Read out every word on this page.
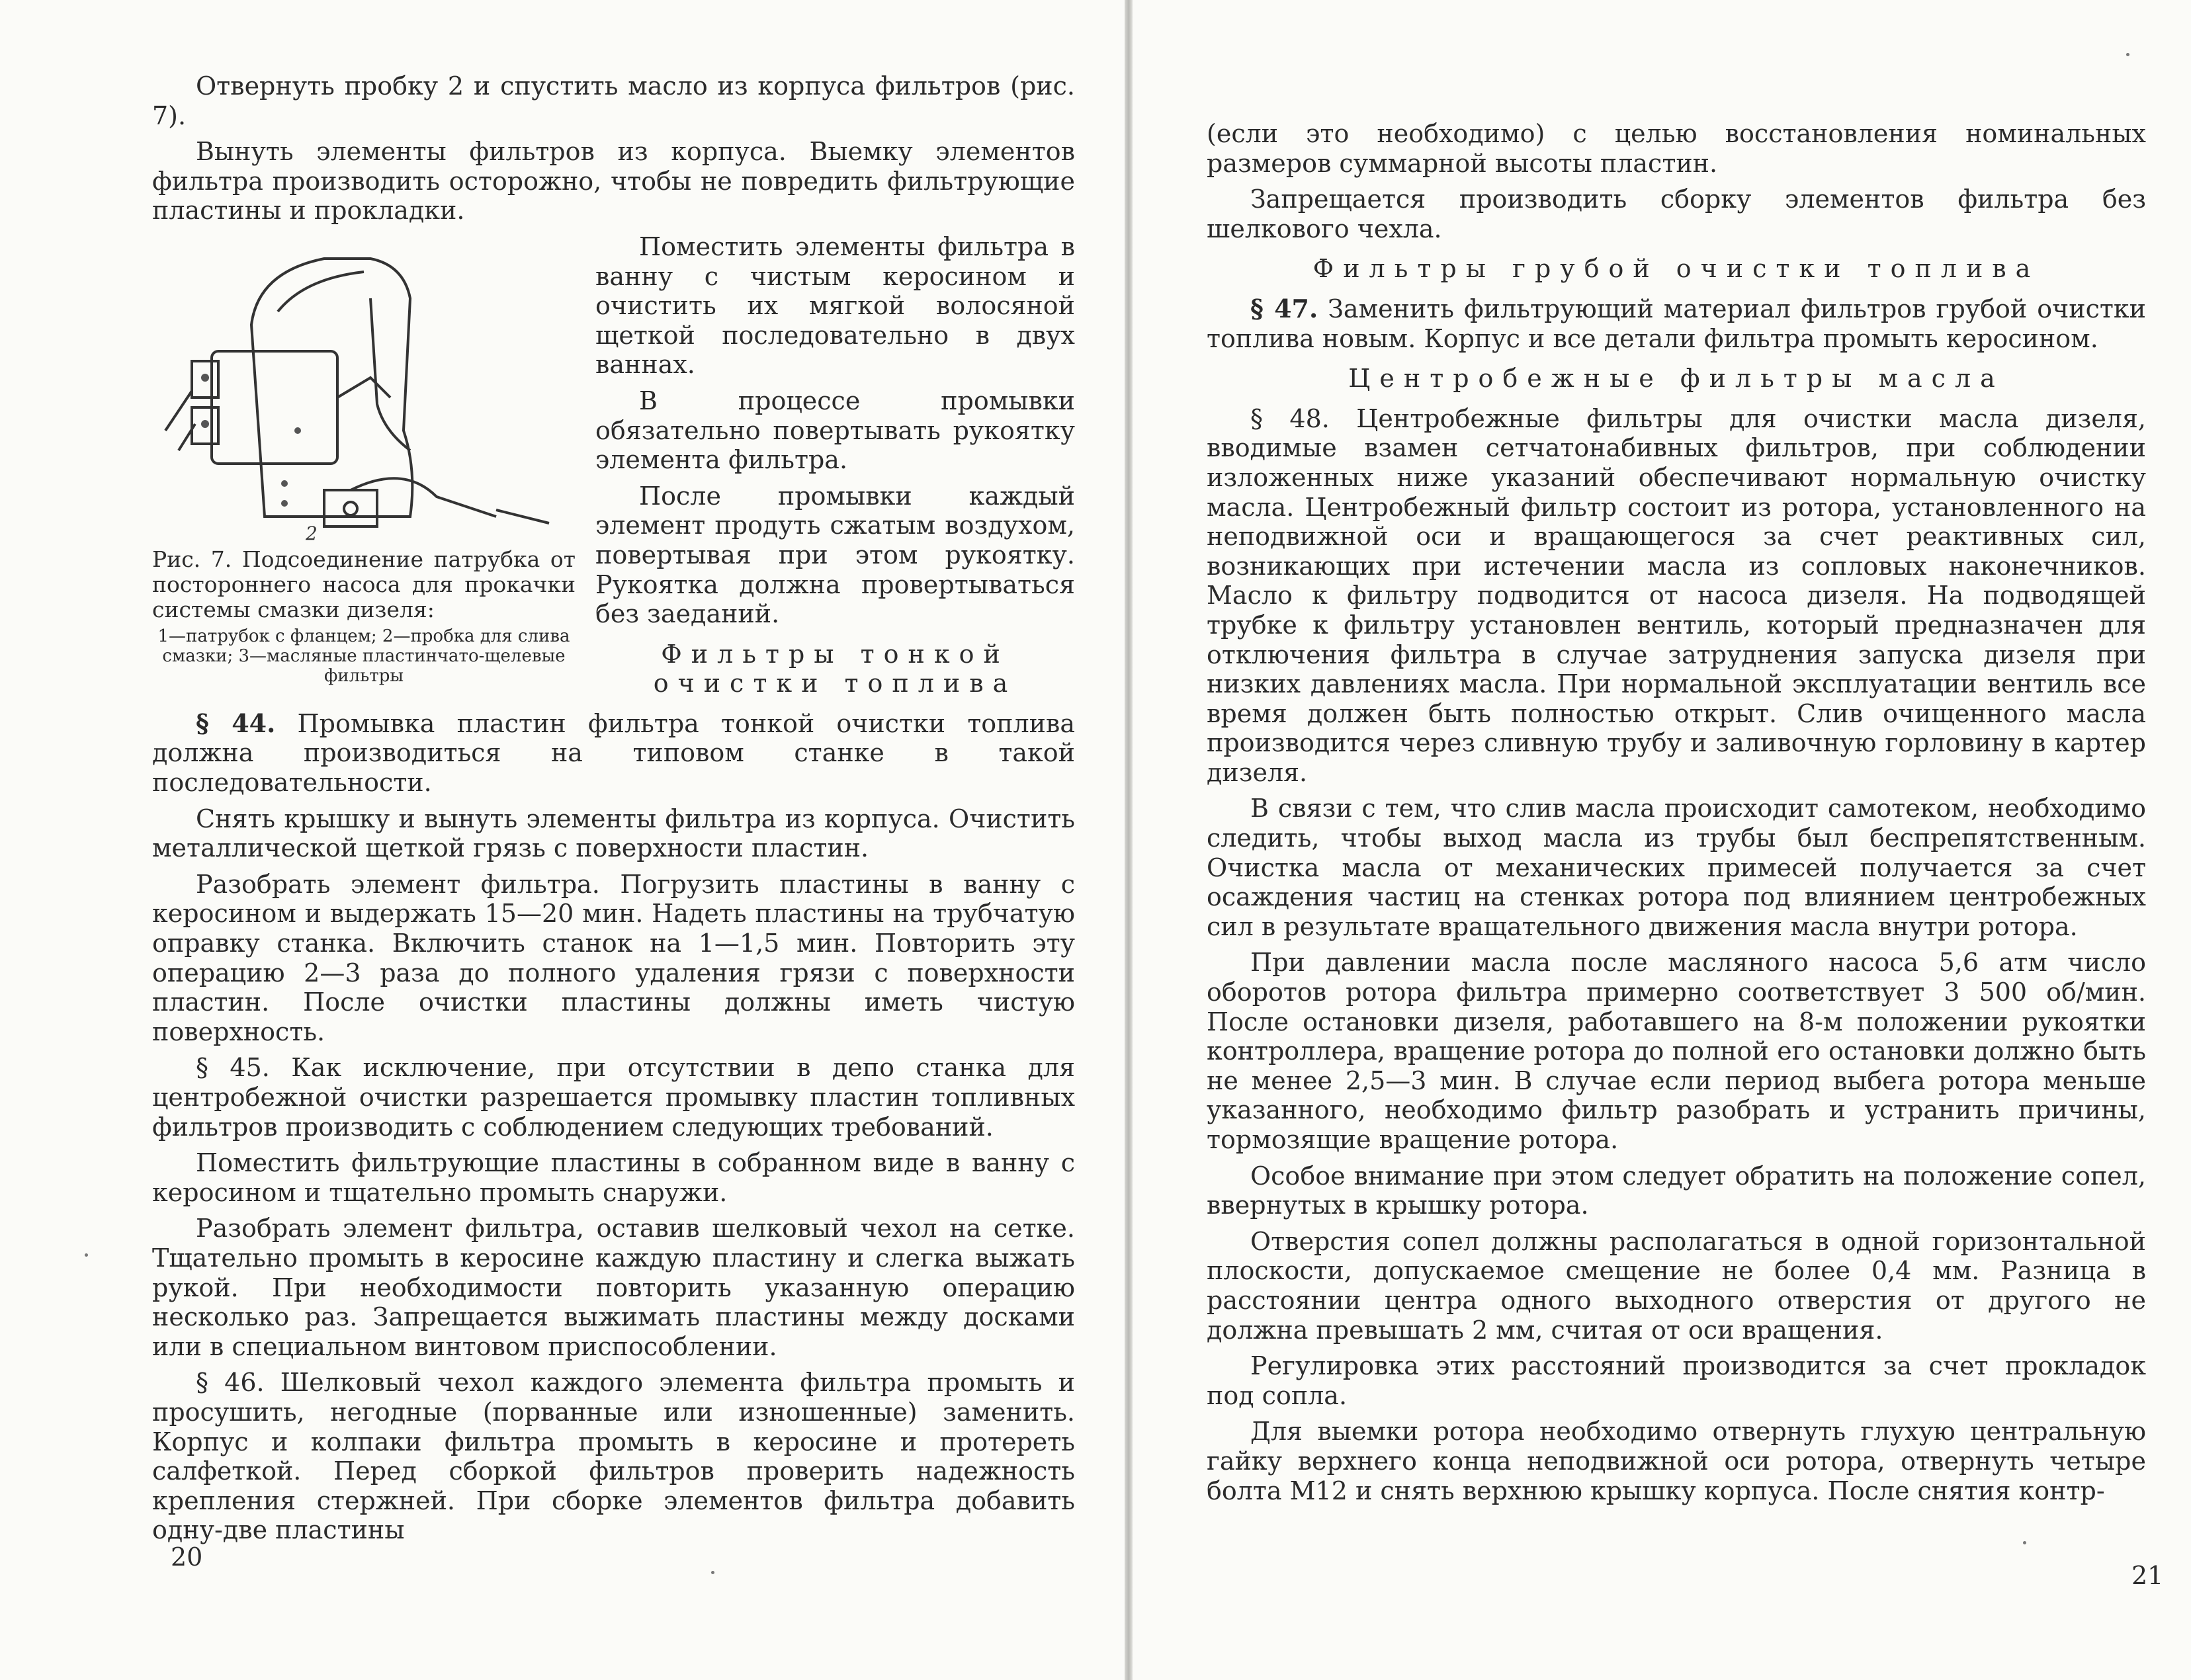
Отвернуть пробку 2 и спустить масло из корпуса фильтров (рис. 7).

Вынуть элементы фильтров из корпуса. Выемку элементов фильтра производить осторожно, чтобы не повредить фильтрующие пластины и прокладки.

2
Рис. 7. Подсоединение патрубка от постороннего насоса для прокачки системы смазки дизеля:
1—патрубок с фланцем; 2—пробка для слива смазки; 3—масляные пластинчато-щелевые фильтры

Поместить элементы фильтра в ванну с чистым керосином и очистить их мягкой волосяной щеткой последовательно в двух ваннах.

В процессе промывки обязательно повертывать рукоятку элемента фильтра.

После промывки каждый элемент продуть сжатым воздухом, повертывая при этом рукоятку. Рукоятка должна провертываться без заеданий.

Фильтры тонкой очистки топлива

§ 44. Промывка пластин фильтра тонкой очистки топлива должна производиться на типовом станке в такой последовательности.

Снять крышку и вынуть элементы фильтра из корпуса. Очистить металлической щеткой грязь с поверхности пластин.

Разобрать элемент фильтра. Погрузить пластины в ванну с керосином и выдержать 15—20 мин. Надеть пластины на трубчатую оправку станка. Включить станок на 1—1,5 мин. Повторить эту операцию 2—3 раза до полного удаления грязи с поверхности пластин. После очистки пластины должны иметь чистую поверхность.

§ 45. Как исключение, при отсутствии в депо станка для центробежной очистки разрешается промывку пластин топливных фильтров производить с соблюдением следующих требований.

Поместить фильтрующие пластины в собранном виде в ванну с керосином и тщательно промыть снаружи.

Разобрать элемент фильтра, оставив шелковый чехол на сетке. Тщательно промыть в керосине каждую пластину и слегка выжать рукой. При необходимости повторить указанную операцию несколько раз. Запрещается выжимать пластины между досками или в специальном винтовом приспособлении.

§ 46. Шелковый чехол каждого элемента фильтра промыть и просушить, негодные (порванные или изношенные) заменить. Корпус и колпаки фильтра промыть в керосине и протереть салфеткой. Перед сборкой фильтров проверить надежность крепления стержней. При сборке элементов фильтра добавить одну-две пластины

20

(если это необходимо) с целью восстановления номинальных размеров суммарной высоты пластин.

Запрещается производить сборку элементов фильтра без шелкового чехла.

Фильтры грубой очистки топлива

§ 47. Заменить фильтрующий материал фильтров грубой очистки топлива новым. Корпус и все детали фильтра промыть керосином.

Центробежные фильтры масла

§ 48. Центробежные фильтры для очистки масла дизеля, вводимые взамен сетчатонабивных фильтров, при соблюдении изложенных ниже указаний обеспечивают нормальную очистку масла. Центробежный фильтр состоит из ротора, установленного на неподвижной оси и вращающегося за счет реактивных сил, возникающих при истечении масла из сопловых наконечников. Масло к фильтру подводится от насоса дизеля. На подводящей трубке к фильтру установлен вентиль, который предназначен для отключения фильтра в случае затруднения запуска дизеля при низких давлениях масла. При нормальной эксплуатации вентиль все время должен быть полностью открыт. Слив очищенного масла производится через сливную трубу и заливочную горловину в картер дизеля.

В связи с тем, что слив масла происходит самотеком, необходимо следить, чтобы выход масла из трубы был беспрепятственным. Очистка масла от механических примесей получается за счет осаждения частиц на стенках ротора под влиянием центробежных сил в результате вращательного движения масла внутри ротора.

При давлении масла после масляного насоса 5,6 атм число оборотов ротора фильтра примерно соответствует 3 500 об/мин. После остановки дизеля, работавшего на 8-м положении рукоятки контроллера, вращение ротора до полной его остановки должно быть не менее 2,5—3 мин. В случае если период выбега ротора меньше указанного, необходимо фильтр разобрать и устранить причины, тормозящие вращение ротора.

Особое внимание при этом следует обратить на положение сопел, ввернутых в крышку ротора.

Отверстия сопел должны располагаться в одной горизонтальной плоскости, допускаемое смещение не более 0,4 мм. Разница в расстоянии центра одного выходного отверстия от другого не должна превышать 2 мм, считая от оси вращения.

Регулировка этих расстояний производится за счет прокладок под сопла.

Для выемки ротора необходимо отвернуть глухую центральную гайку верхнего конца неподвижной оси ротора, отвернуть четыре болта М12 и снять верхнюю крышку корпуса. После снятия контр-

21
